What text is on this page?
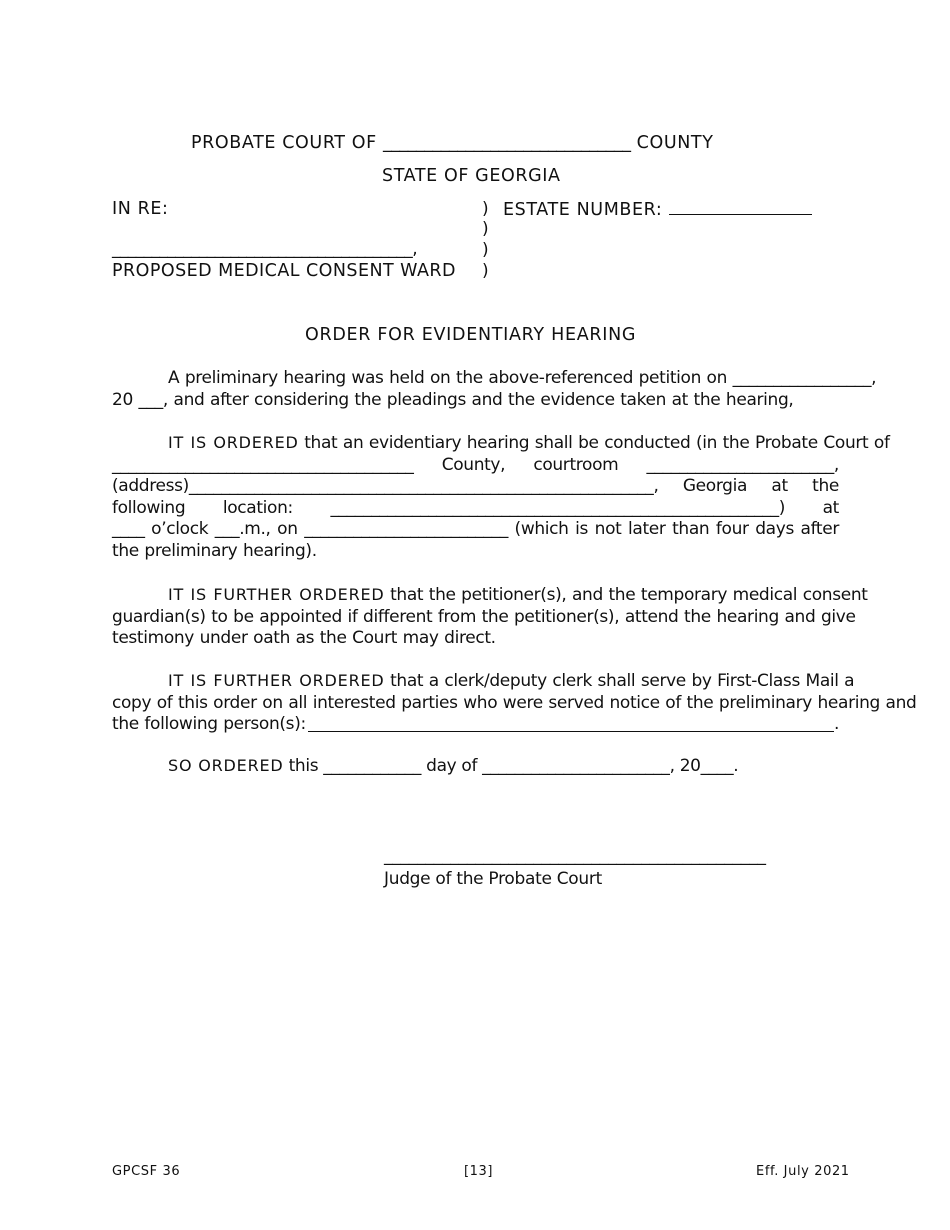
PROBATE COURT OF ______________________________ COUNTY
STATE OF GEORGIA
IN RE:	)
)
)
)
ESTATE NUMBER:
______________________________________,
PROPOSED MEDICAL CONSENT WARD
ORDER FOR EVIDENTIARY HEARING
A preliminary hearing was held on the above-referenced petition on _________________,
20 ___, and after considering the pleadings and the evidence taken at the hearing,
IT IS ORDERED that an evidentiary hearing shall be conducted (in the Probate Court of
_____________________________________ County, courtroom _______________________,
(address)_________________________________________________________, Georgia at the
following location: _______________________________________________________) at
____ o’clock ___.m., on _________________________ (which is not later than four days after
the preliminary hearing).
IT IS FURTHER ORDERED that the petitioner(s), and the temporary medical consent
guardian(s) to be appointed if different from the petitioner(s), attend the hearing and give
testimony under oath as the Court may direct.
IT IS FURTHER ORDERED that a clerk/deputy clerk shall serve by First-Class Mail a
copy of this order on all interested parties who were served notice of the preliminary hearing and
the following person(s):	.
SO ORDERED this ____________ day of _______________________, 20____.
______________________________________________
Judge of the Probate Court
GPCSF 36	[13]	Eff. July 2021
